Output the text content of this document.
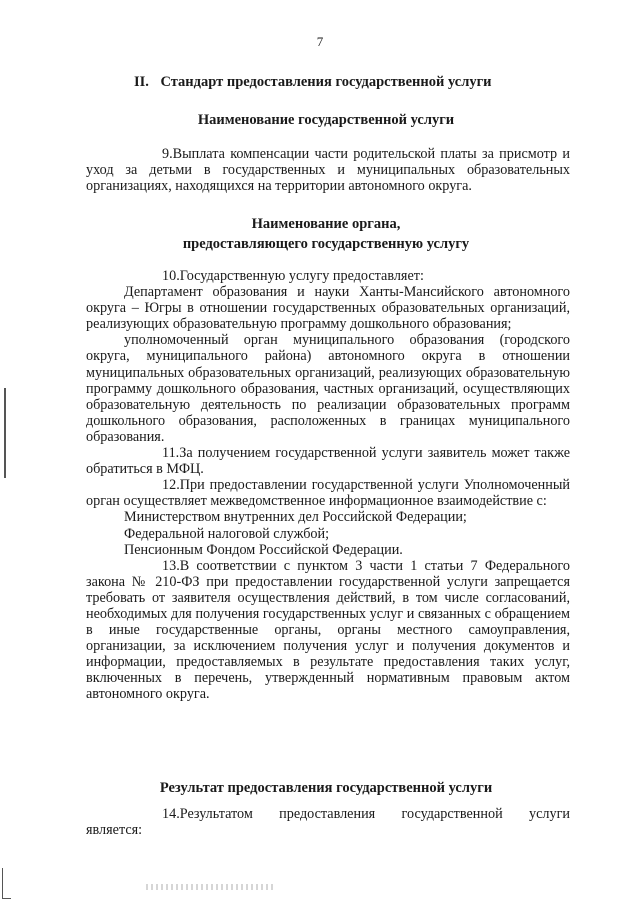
7
II. Стандарт предоставления государственной услуги
Наименование государственной услуги

9.Выплата компенсации части родительской платы за присмотр и уход за детьми в государственных и муниципальных образовательных организациях, находящихся на территории автономного округа.

Наименование органа,
предоставляющего государственную услугу

10.Государственную услугу предоставляет:

Департамент образования и науки Ханты-Мансийского автономного округа – Югры в отношении государственных образовательных организаций, реализующих образовательную программу дошкольного образования;

уполномоченный орган муниципального образования (городского округа, муниципального района) автономного округа в отношении муниципальных образовательных организаций, реализующих образовательную программу дошкольного образования, частных организаций, осуществляющих образовательную деятельность по реализации образовательных программ дошкольного образования, расположенных в границах муниципального образования.

11.За получением государственной услуги заявитель может также обратиться в МФЦ.

12.При предоставлении государственной услуги Уполномоченный орган осуществляет межведомственное информационное взаимодействие с:

Министерством внутренних дел Российской Федерации;

Федеральной налоговой службой;

Пенсионным Фондом Российской Федерации.

13.В соответствии с пунктом 3 части 1 статьи 7 Федерального закона № 210-ФЗ при предоставлении государственной услуги запрещается требовать от заявителя осуществления действий, в том числе согласований, необходимых для получения государственных услуг и связанных с обращением в иные государственные органы, органы местного самоуправления, организации, за исключением получения услуг и получения документов и информации, предоставляемых в результате предоставления таких услуг, включенных в перечень, утвержденный нормативным правовым актом автономного округа.

Результат предоставления государственной услуги

14.Результатом предоставления государственной услуги

является:
